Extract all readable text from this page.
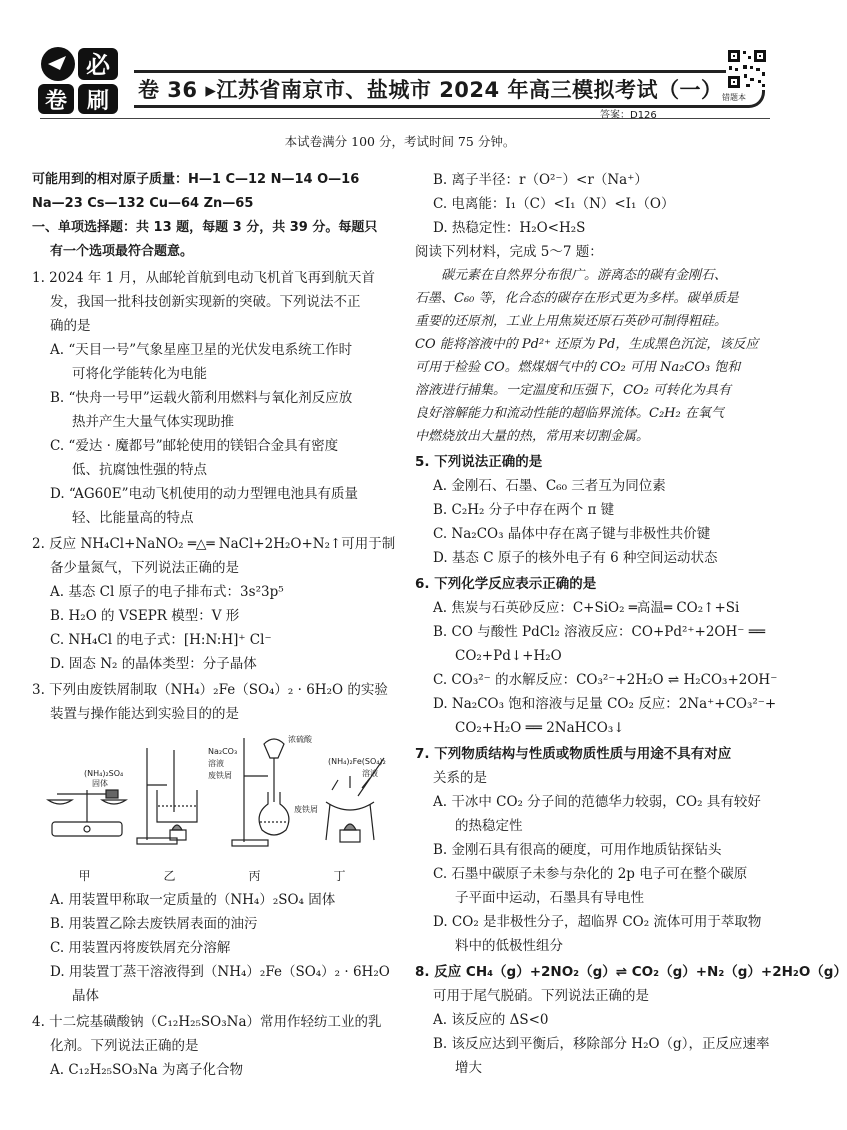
必
卷 刷 卷 36 ▸江苏省南京市、盐城市 2024 年高三模拟考试（一） 错题本
答案：D126
本试卷满分 100 分，考试时间 75 分钟。
可能用到的相对原子质量：H—1 C—12 N—14 O—16
Na—23 Cs—132 Cu—64 Zn—65
一、单项选择题：共 13 题，每题 3 分，共 39 分。每题只
有一个选项最符合题意。
1. 2024 年 1 月，从邮轮首航到电动飞机首飞再到航天首
发，我国一批科技创新实现新的突破。下列说法不正
确的是
A. “天目一号”气象星座卫星的光伏发电系统工作时
可将化学能转化为电能
B. “快舟一号甲”运载火箭利用燃料与氧化剂反应放
热并产生大量气体实现助推
C. “爱达 · 魔都号”邮轮使用的镁铝合金具有密度
低、抗腐蚀性强的特点
D. “AG60E”电动飞机使用的动力型锂电池具有质量
轻、比能量高的特点
2. 反应 NH₄Cl+NaNO₂ ═△═ NaCl+2H₂O+N₂↑可用于制
备少量氮气，下列说法正确的是
A. 基态 Cl 原子的电子排布式：3s²3p⁵
B. H₂O 的 VSEPR 模型：V 形
C. NH₄Cl 的电子式：[H:N:H]⁺ Cl⁻
D. 固态 N₂ 的晶体类型：分子晶体
3. 下列由废铁屑制取（NH₄）₂Fe（SO₄）₂ · 6H₂O 的实验
装置与操作能达到实验目的的是
(NH₄)₂SO₄
固体
Na₂CO₃
溶液
废铁屑
浓硫酸
废铁屑
(NH₄)₂Fe(SO₄)₂
溶液
甲	乙	丙	丁
A. 用装置甲称取一定质量的（NH₄）₂SO₄ 固体
B. 用装置乙除去废铁屑表面的油污
C. 用装置丙将废铁屑充分溶解
D. 用装置丁蒸干溶液得到（NH₄）₂Fe（SO₄）₂ · 6H₂O
晶体
4. 十二烷基磺酸钠（C₁₂H₂₅SO₃Na）常用作轻纺工业的乳
化剂。下列说法正确的是
A. C₁₂H₂₅SO₃Na 为离子化合物
B. 离子半径：r（O²⁻）<r（Na⁺）
C. 电离能：I₁（C）<I₁（N）<I₁（O）
D. 热稳定性：H₂O<H₂S
阅读下列材料，完成 5～7 题：
碳元素在自然界分布很广。游离态的碳有金刚石、
石墨、C₆₀ 等，化合态的碳存在形式更为多样。碳单质是
重要的还原剂，工业上用焦炭还原石英砂可制得粗硅。
CO 能将溶液中的 Pd²⁺ 还原为 Pd，生成黑色沉淀，该反应
可用于检验 CO。燃煤烟气中的 CO₂ 可用 Na₂CO₃ 饱和
溶液进行捕集。一定温度和压强下，CO₂ 可转化为具有
良好溶解能力和流动性能的超临界流体。C₂H₂ 在氧气
中燃烧放出大量的热，常用来切割金属。
5. 下列说法正确的是
A. 金刚石、石墨、C₆₀ 三者互为同位素
B. C₂H₂ 分子中存在两个 π 键
C. Na₂CO₃ 晶体中存在离子键与非极性共价键
D. 基态 C 原子的核外电子有 6 种空间运动状态
6. 下列化学反应表示正确的是
A. 焦炭与石英砂反应：C+SiO₂ ═高温═ CO₂↑+Si
B. CO 与酸性 PdCl₂ 溶液反应：CO+Pd²⁺+2OH⁻ ══
CO₂+Pd↓+H₂O
C. CO₃²⁻ 的水解反应：CO₃²⁻+2H₂O ⇌ H₂CO₃+2OH⁻
D. Na₂CO₃ 饱和溶液与足量 CO₂ 反应：2Na⁺+CO₃²⁻+
CO₂+H₂O ══ 2NaHCO₃↓
7. 下列物质结构与性质或物质性质与用途不具有对应
关系的是
A. 干冰中 CO₂ 分子间的范德华力较弱，CO₂ 具有较好
的热稳定性
B. 金刚石具有很高的硬度，可用作地质钻探钻头
C. 石墨中碳原子未参与杂化的 2p 电子可在整个碳原
子平面中运动，石墨具有导电性
D. CO₂ 是非极性分子，超临界 CO₂ 流体可用于萃取物
料中的低极性组分
8. 反应 CH₄（g）+2NO₂（g）⇌ CO₂（g）+N₂（g）+2H₂O（g）
可用于尾气脱硝。下列说法正确的是
A. 该反应的 ΔS<0
B. 该反应达到平衡后，移除部分 H₂O（g），正反应速率
增大
